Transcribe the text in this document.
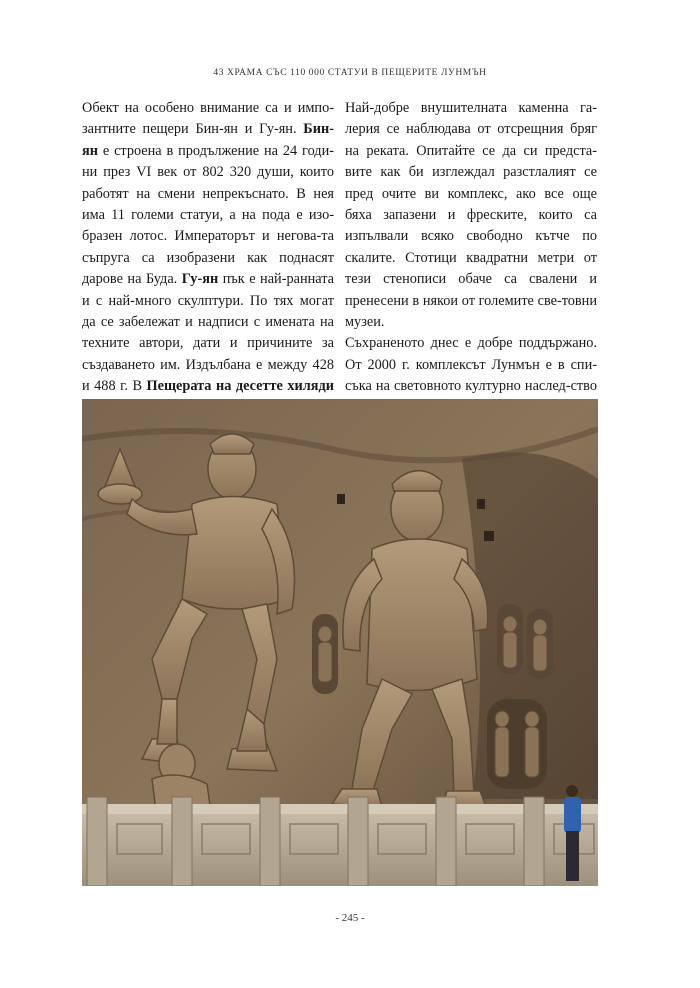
43 ХРАМА СЪС 110 000 СТАТУИ В ПЕЩЕРИТЕ ЛУНМЪН

Обект на особено внимание са и импо-зантните пещери Бин-ян и Гу-ян. Бин-ян е строена в продължение на 24 годи-ни през VI век от 802 320 души, които работят на смени непрекъснато. В нея има 11 големи статуи, а на пода е изо-бразен лотос. Императорът и негова-та съпруга са изобразени как поднасят дарове на Буда. Гу-ян пък е най-ранната и с най-много скулптури. По тях могат да се забележат и надписи с имената на техните автори, дати и причините за създаването им. Издълбана е между 428 и 488 г. В Пещерата на десетте хиляди

Най-добре внушителната каменна га-лерия се наблюдава от отсрещния бряг на реката. Опитайте се да си предста-вите как би изглеждал разстлалият се пред очите ви комплекс, ако все още бяха запазени и фреските, които са изпълвали всяко свободно кътче по скалите. Стотици квадратни метри от тези стенописи обаче са свалени и пренесени в някои от големите све-товни музеи.

Съхраненото днес е добре поддържано. От 2000 г. комплексът Лунмън е в спи-съка на световното културно наслед-ство

- 245 -
